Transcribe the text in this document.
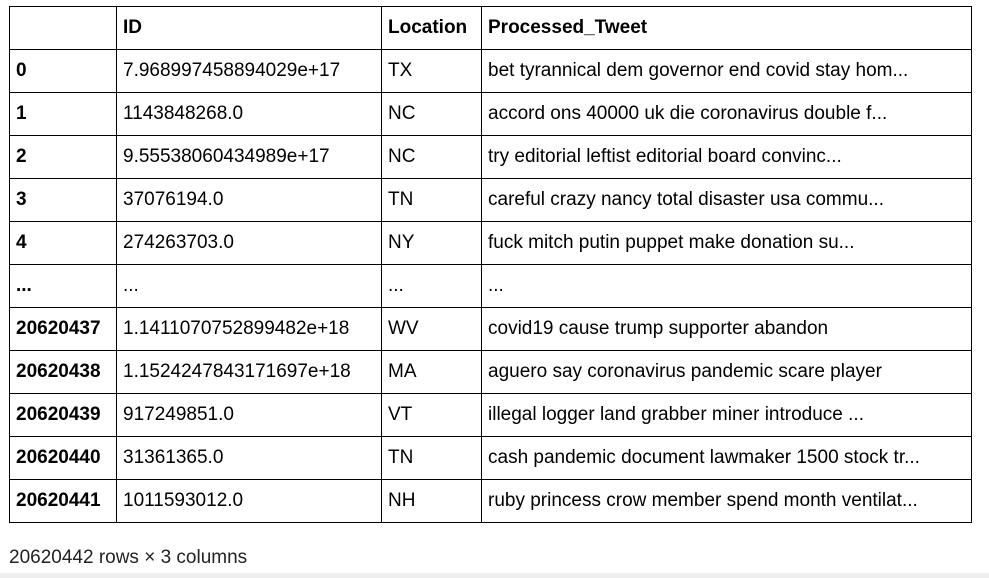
	ID	Location	Processed_Tweet
0	7.968997458894029e+17	TX	bet tyrannical dem governor end covid stay hom...
1	1143848268.0	NC	accord ons 40000 uk die coronavirus double f...
2	9.55538060434989e+17	NC	try editorial leftist editorial board convinc...
3	37076194.0	TN	careful crazy nancy total disaster usa commu...
4	274263703.0	NY	fuck mitch putin puppet make donation su...
...	...	...	...
20620437	1.1411070752899482e+18	WV	covid19 cause trump supporter abandon
20620438	1.1524247843171697e+18	MA	aguero say coronavirus pandemic scare player
20620439	917249851.0	VT	illegal logger land grabber miner introduce ...
20620440	31361365.0	TN	cash pandemic document lawmaker 1500 stock tr...
20620441	1011593012.0	NH	ruby princess crow member spend month ventilat...
20620442 rows × 3 columns
